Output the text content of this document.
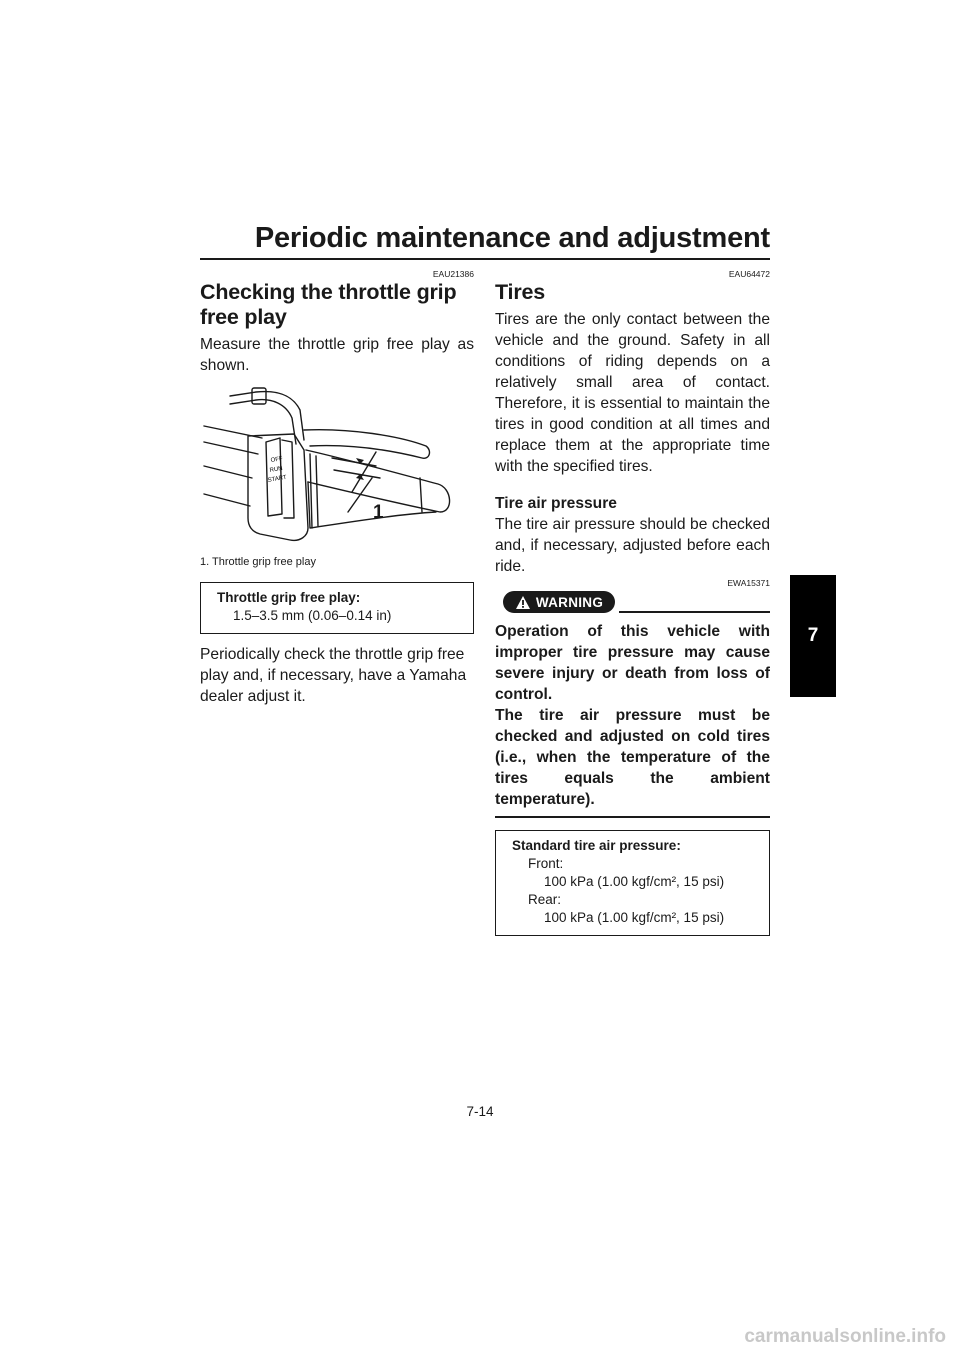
Periodic maintenance and adjustment
7
EAU21386
Checking the throttle grip free play

Measure the throttle grip free play as shown.

OFF
RUN
START
1
1. Throttle grip free play
Throttle grip free play:
1.5–3.5 mm (0.06–0.14 in)

Periodically check the throttle grip free play and, if necessary, have a Yamaha dealer adjust it.

EAU64472
Tires

Tires are the only contact between the vehicle and the ground. Safety in all conditions of riding depends on a relatively small area of contact. Therefore, it is essential to maintain the tires in good condition at all times and replace them at the appropriate time with the specified tires.

Tire air pressure

The tire air pressure should be checked and, if necessary, adjusted before each ride.

EWA15371
WARNING
Operation of this vehicle with improper tire pressure may cause severe injury or death from loss of control.
The tire air pressure must be checked and adjusted on cold tires (i.e., when the temperature of the tires equals the ambient temperature).
Standard tire air pressure:
Front:
100 kPa (1.00 kgf/cm², 15 psi)
Rear:
100 kPa (1.00 kgf/cm², 15 psi)
7-14
carmanualsonline.info
